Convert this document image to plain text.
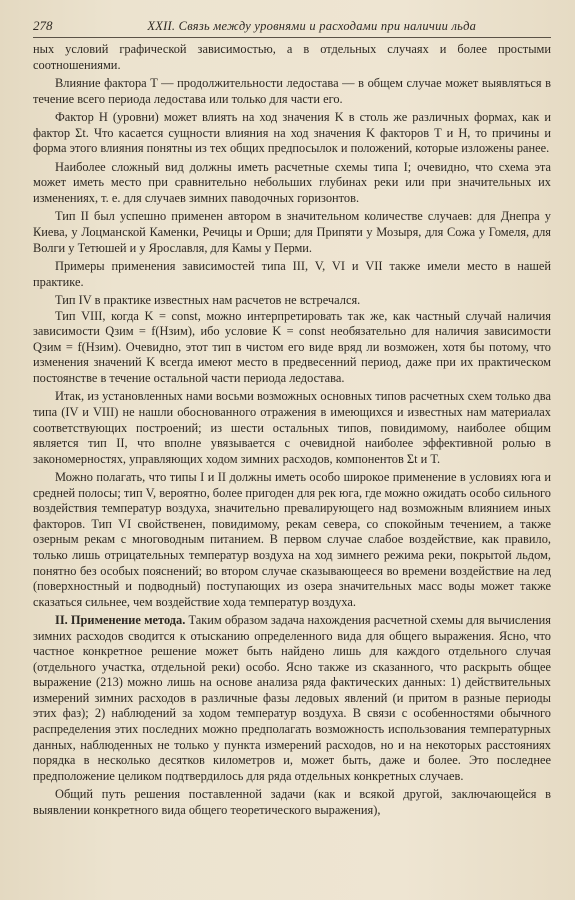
278	XXII. Связь между уровнями и расходами при наличии льда

ных условий графической зависимостью, а в отдельных случаях и более простыми соотношениями.

Влияние фактора T — продолжительности ледостава — в общем случае может выявляться в течение всего периода ледостава или только для части его.

Фактор H (уровни) может влиять на ход значения K в столь же различных формах, как и фактор Σt. Что касается сущности влияния на ход значения K факторов T и H, то причины и форма этого влияния понятны из тех общих предпосылок и положений, которые изложены ранее.

Наиболее сложный вид должны иметь расчетные схемы типа I; очевидно, что схема эта может иметь место при сравнительно небольших глубинах реки или при значительных их изменениях, т. е. для случаев зимних паводочных горизонтов.

Тип II был успешно применен автором в значительном количестве случаев: для Днепра у Киева, у Лоцманской Каменки, Речицы и Орши; для Припяти у Мозыря, для Сожа у Гомеля, для Волги у Тетюшей и у Ярославля, для Камы у Перми.

Примеры применения зависимостей типа III, V, VI и VII также имели место в нашей практике.

Тип IV в практике известных нам расчетов не встречался.

Тип VIII, когда K = const, можно интерпретировать так же, как частный случай наличия зависимости Qзим = f(Hзим), ибо условие K = const необязательно для наличия зависимости Qзим = f(Hзим). Очевидно, этот тип в чистом его виде вряд ли возможен, хотя бы потому, что изменения значений K всегда имеют место в предвесенний период, даже при их практическом постоянстве в течение остальной части периода ледостава.

Итак, из установленных нами восьми возможных основных типов расчетных схем только два типа (IV и VIII) не нашли обоснованного отражения в имеющихся и известных нам материалах соответствующих построений; из шести остальных типов, повидимому, наиболее общим является тип II, что вполне увязывается с очевидной наиболее эффективной ролью в закономерностях, управляющих ходом зимних расходов, компонентов Σt и T.

Можно полагать, что типы I и II должны иметь особо широкое применение в условиях юга и средней полосы; тип V, вероятно, более пригоден для рек юга, где можно ожидать особо сильного воздействия температур воздуха, значительно превалирующего над возможным влиянием иных факторов. Тип VI свойственен, повидимому, рекам севера, со спокойным течением, а также озерным рекам с многоводным питанием. В первом случае слабое воздействие, как правило, только лишь отрицательных температур воздуха на ход зимнего режима реки, покрытой льдом, понятно без особых пояснений; во втором случае сказывающееся во времени воздействие на лед (поверхностный и подводный) поступающих из озера значительных масс воды может также сказаться сильнее, чем воздействие хода температур воздуха.

II. Применение метода. Таким образом задача нахождения расчетной схемы для вычисления зимних расходов сводится к отысканию определенного вида для общего выражения. Ясно, что частное конкретное решение может быть найдено лишь для каждого отдельного случая (отдельного участка, отдельной реки) особо. Ясно также из сказанного, что раскрыть общее выражение (213) можно лишь на основе анализа ряда фактических данных: 1) действительных измерений зимних расходов в различные фазы ледовых явлений (и притом в разные периоды этих фаз); 2) наблюдений за ходом температур воздуха. В связи с особенностями обычного распределения этих последних можно предполагать возможность использования температурных данных, наблюденных не только у пункта измерений расходов, но и на некоторых расстояниях порядка в несколько десятков километров и, может быть, даже и более. Это последнее предположение целиком подтвердилось для ряда отдельных конкретных случаев.

Общий путь решения поставленной задачи (как и всякой другой, заключающейся в выявлении конкретного вида общего теоретического выражения),
